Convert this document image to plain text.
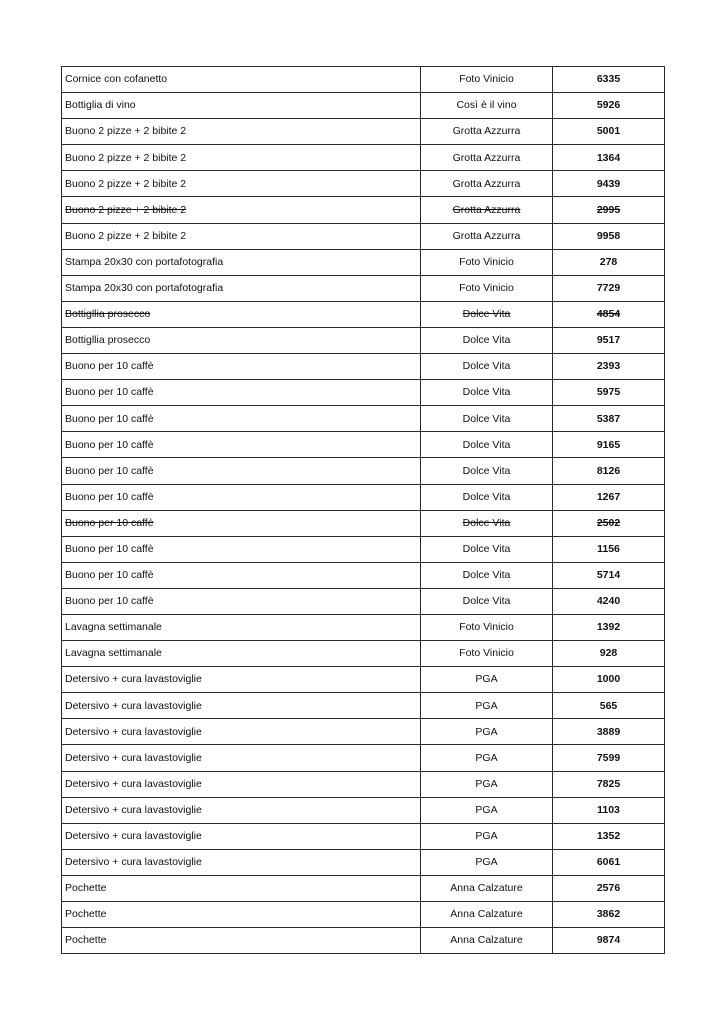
Cornice con cofanetto	Foto Vinicio	6335
Bottiglia di vino	Così è il vino	5926
Buono 2 pizze + 2 bibite 2	Grotta Azzurra	5001
Buono 2 pizze + 2 bibite 2	Grotta Azzurra	1364
Buono 2 pizze + 2 bibite 2	Grotta Azzurra	9439
Buono 2 pizze + 2 bibite 2	Grotta Azzurra	2995
Buono 2 pizze + 2 bibite 2	Grotta Azzurra	9958
Stampa 20x30 con portafotografia	Foto Vinicio	278
Stampa 20x30 con portafotografia	Foto Vinicio	7729
Bottigllia prosecco	Dolce Vita	4854
Bottigllia prosecco	Dolce Vita	9517
Buono per 10 caffè	Dolce Vita	2393
Buono per 10 caffè	Dolce Vita	5975
Buono per 10 caffè	Dolce Vita	5387
Buono per 10 caffè	Dolce Vita	9165
Buono per 10 caffè	Dolce Vita	8126
Buono per 10 caffè	Dolce Vita	1267
Buono per 10 caffè	Dolce Vita	2502
Buono per 10 caffè	Dolce Vita	1156
Buono per 10 caffè	Dolce Vita	5714
Buono per 10 caffè	Dolce Vita	4240
Lavagna settimanale	Foto Vinicio	1392
Lavagna settimanale	Foto Vinicio	928
Detersivo + cura lavastoviglie	PGA	1000
Detersivo + cura lavastoviglie	PGA	565
Detersivo + cura lavastoviglie	PGA	3889
Detersivo + cura lavastoviglie	PGA	7599
Detersivo + cura lavastoviglie	PGA	7825
Detersivo + cura lavastoviglie	PGA	1103
Detersivo + cura lavastoviglie	PGA	1352
Detersivo + cura lavastoviglie	PGA	6061
Pochette	Anna Calzature	2576
Pochette	Anna Calzature	3862
Pochette	Anna Calzature	9874
